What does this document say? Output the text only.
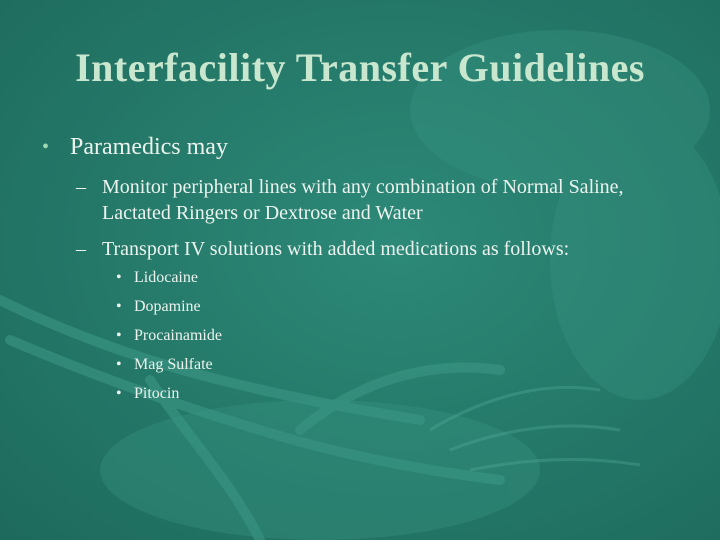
Interfacility Transfer Guidelines
• Paramedics may
– Monitor peripheral lines with any combination of Normal Saline, Lactated Ringers or Dextrose and Water
– Transport IV solutions with added medications as follows:
• Lidocaine
• Dopamine
• Procainamide
• Mag Sulfate
• Pitocin
